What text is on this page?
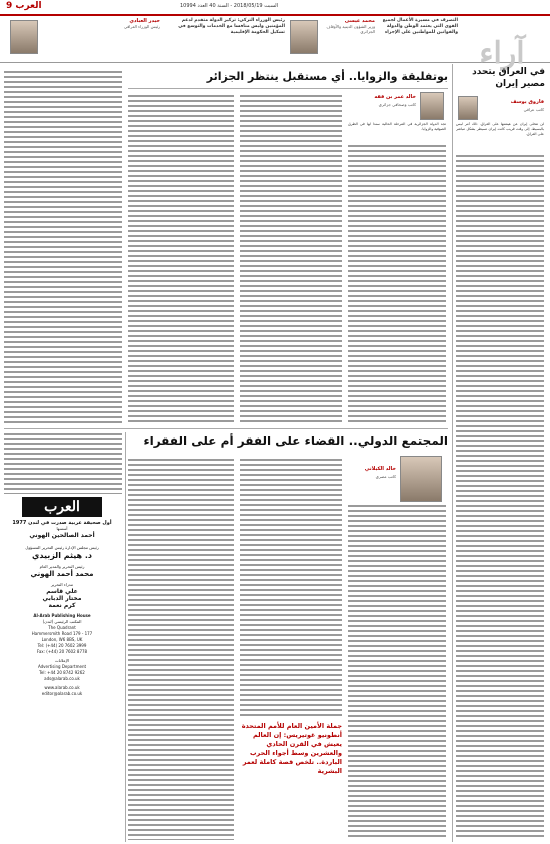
العرب 9	السبت 2018/05/19 - السنة 40 العدد 10994
حيدر العبادي
رئيس الوزراء العراقي
رئيس الوزراء التركي: تركيز الدولة متقدم لدعم المؤمنين وليس منافسا مع الخدمات والتوسع في تشكيل الحكومة الإقليمية
محمد عيسى
وزير الشؤون الدينية والأوقاف الجزائري
التصرف في مسيرة الأعمال لجميع القوى التي يعتمد الوطن والدولة والقوانين للمواطنين على الإجراء
آراء
في العراق يتحدد مصير إيران
فاروق يوسف
كاتب عراقي
لن تتخلى إيران عن هيمنتها على العراق. ذلك أمر ليس بالبسيط. إلى وقت قريب كانت إيران تسيطر بشكل مباشر على العراق.
بوتفليقة والزوايا.. أي مستقبل ينتظر الجزائر
خالد عمر بن ققه
كاتب وصحافي جزائري
تجد الدولة الجزائرية في المرحلة الحالية سندا لها في الطرق الصوفية والزوايا.
المجتمع الدولي.. القضاء على الفقر أم على الفقراء
خالد الكيلاني
كاتب مصري
جملة الأمين العام للأمم المتحدة أنطونيو غوتيريس: إن العالم يعيش في القرن الحادي والعشرين وسط أجواء الحرب الباردة.. تلخص قصة كاملة لعمر البشرية
العرب
أول صحيفة عربية صدرت في لندن 1977
أسسها
أحمد الصالحين الهوني
رئيس مجلس الإدارة رئيس التحرير المسؤول
د. هيثم الزبيدي
رئيس التحرير والمدير العام
محمد أحمد الهوني
مدراء التحرير
علي قاسم
مختار الدبابي
كرم نعمة
Al-Arab Publishing House
المكتب الرئيسي (لندن)
The Quadrant
177 - 179 Hammersmith Road
London, W6 8BS, UK
Tel: (+44) 20 7602 3999
Fax: (+44) 20 7602 8778
الإعلانات
Advertising Department
Tel: +44 20 8742 9262
ads@alarab.co.uk
www.alarab.co.uk
editor@alarab.co.uk
